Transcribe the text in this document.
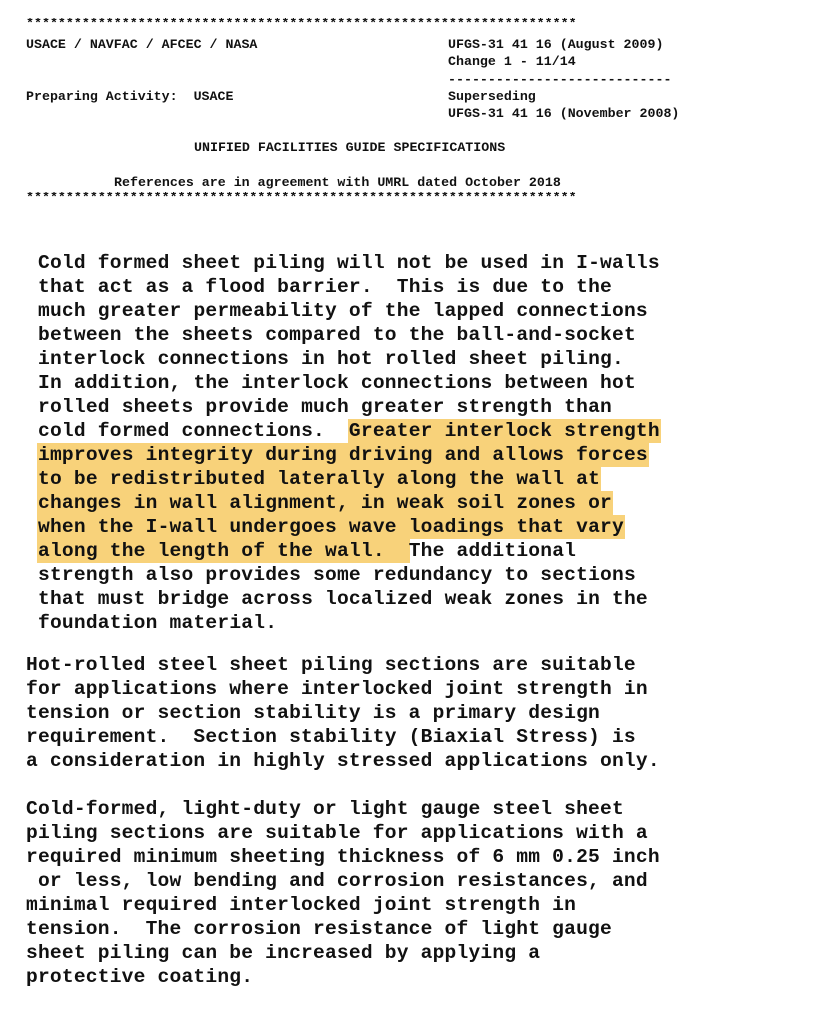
*********************************************************************
USACE / NAVFAC / AFCEC / NASA	UFGS-31 41 16 (August 2009)
Change 1 - 11/14
----------------------------
Preparing Activity:  USACE	Superseding
UFGS-31 41 16 (November 2008)
UNIFIED FACILITIES GUIDE SPECIFICATIONS
References are in agreement with UMRL dated October 2018
*********************************************************************
Cold formed sheet piling will not be used in I-walls
that act as a flood barrier.  This is due to the
much greater permeability of the lapped connections
between the sheets compared to the ball-and-socket
interlock connections in hot rolled sheet piling.
In addition, the interlock connections between hot
rolled sheets provide much greater strength than
cold formed connections.  Greater interlock strength
improves integrity during driving and allows forces
to be redistributed laterally along the wall at
changes in wall alignment, in weak soil zones or
when the I-wall undergoes wave loadings that vary
along the length of the wall.  The additional
strength also provides some redundancy to sections
that must bridge across localized weak zones in the
foundation material.
Hot-rolled steel sheet piling sections are suitable
for applications where interlocked joint strength in
tension or section stability is a primary design
requirement.  Section stability (Biaxial Stress) is
a consideration in highly stressed applications only.
Cold-formed, light-duty or light gauge steel sheet
piling sections are suitable for applications with a
required minimum sheeting thickness of 6 mm 0.25 inch
or less, low bending and corrosion resistances, and
minimal required interlocked joint strength in
tension.  The corrosion resistance of light gauge
sheet piling can be increased by applying a
protective coating.
